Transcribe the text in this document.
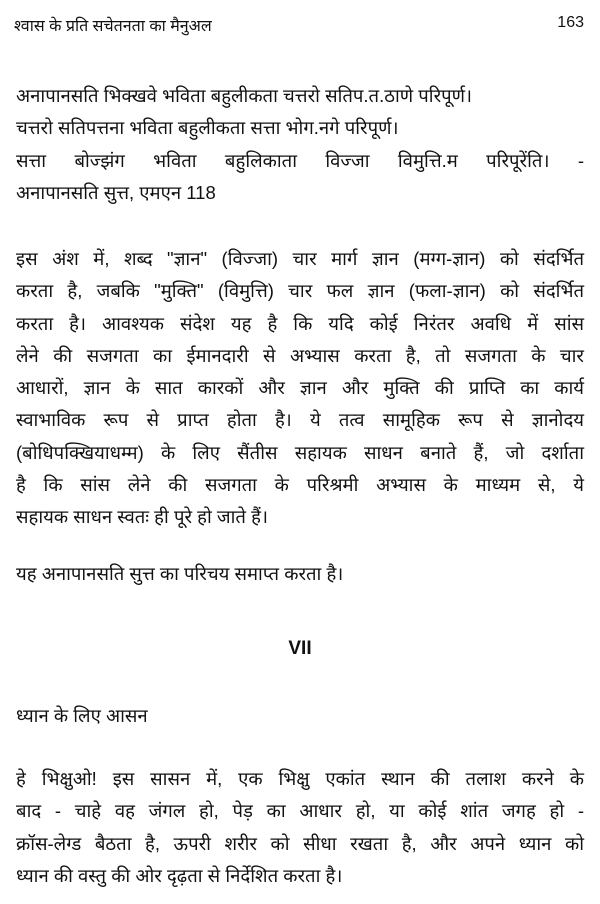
श्वास के प्रति सचेतनता का मैनुअल	163
अनापानसति भिक्खवे भविता बहुलीकता चत्तरो सतिप.त.ठाणे परिपूर्ण।
चत्तरो सतिपत्तना भविता बहुलीकता सत्ता भोग.नगे परिपूर्ण।
सत्ता बोज्झंग भविता बहुलिकाता विज्जा विमुत्ति.म परिपूरेंति। -
अनापानसति सुत्त, एमएन 118
इस अंश में, शब्द "ज्ञान" (विज्जा) चार मार्ग ज्ञान (मग्ग-ज्ञान) को संदर्भित
करता है, जबकि "मुक्ति" (विमुत्ति) चार फल ज्ञान (फला-ज्ञान) को संदर्भित
करता है। आवश्यक संदेश यह है कि यदि कोई निरंतर अवधि में सांस
लेने की सजगता का ईमानदारी से अभ्यास करता है, तो सजगता के चार
आधारों, ज्ञान के सात कारकों और ज्ञान और मुक्ति की प्राप्ति का कार्य
स्वाभाविक रूप से प्राप्त होता है। ये तत्व सामूहिक रूप से ज्ञानोदय
(बोधिपक्खियाधम्म) के लिए सैंतीस सहायक साधन बनाते हैं, जो दर्शाता
है कि सांस लेने की सजगता के परिश्रमी अभ्यास के माध्यम से, ये
सहायक साधन स्वतः ही पूरे हो जाते हैं।
यह अनापानसति सुत्त का परिचय समाप्त करता है।
VII
ध्यान के लिए आसन
हे भिक्षुओ! इस सासन में, एक भिक्षु एकांत स्थान की तलाश करने के
बाद - चाहे वह जंगल हो, पेड़ का आधार हो, या कोई शांत जगह हो -
क्रॉस-लेग्ड बैठता है, ऊपरी शरीर को सीधा रखता है, और अपने ध्यान को
ध्यान की वस्तु की ओर दृढ़ता से निर्देशित करता है।
